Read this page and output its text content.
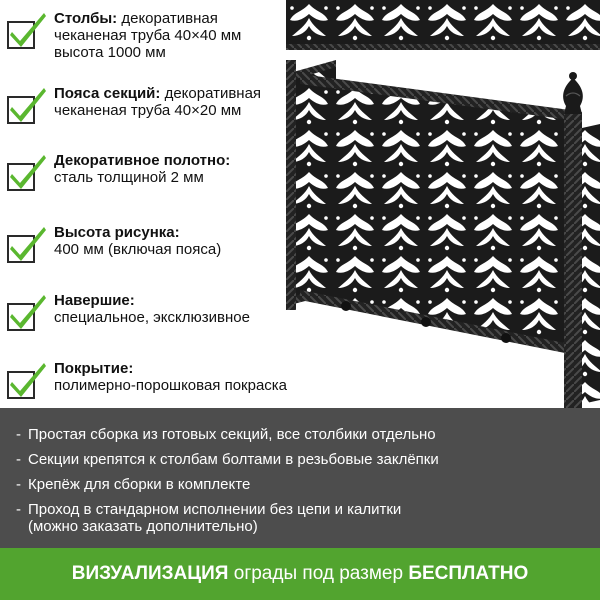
Столбы: декоративная
чеканеная труба 40×40 мм
высота 1000 мм
Пояса секций: декоративная
чеканеная труба 40×20 мм
Декоративное полотно:
сталь толщиной 2 мм
Высота рисунка:
400 мм (включая пояса)
Навершие:
специальное, эксклюзивное
Покрытие:
полимерно-порошковая покраска
- Простая сборка из готовых секций, все столбики отдельно
- Секции крепятся к столбам болтами в резьбовые заклёпки
- Крепёж для сборки в комплекте
- Проход в стандарном исполнении без цепи и калитки
(можно заказать дополнительно)
ВИЗУАЛИЗАЦИЯ ограды под размер БЕСПЛАТНО
